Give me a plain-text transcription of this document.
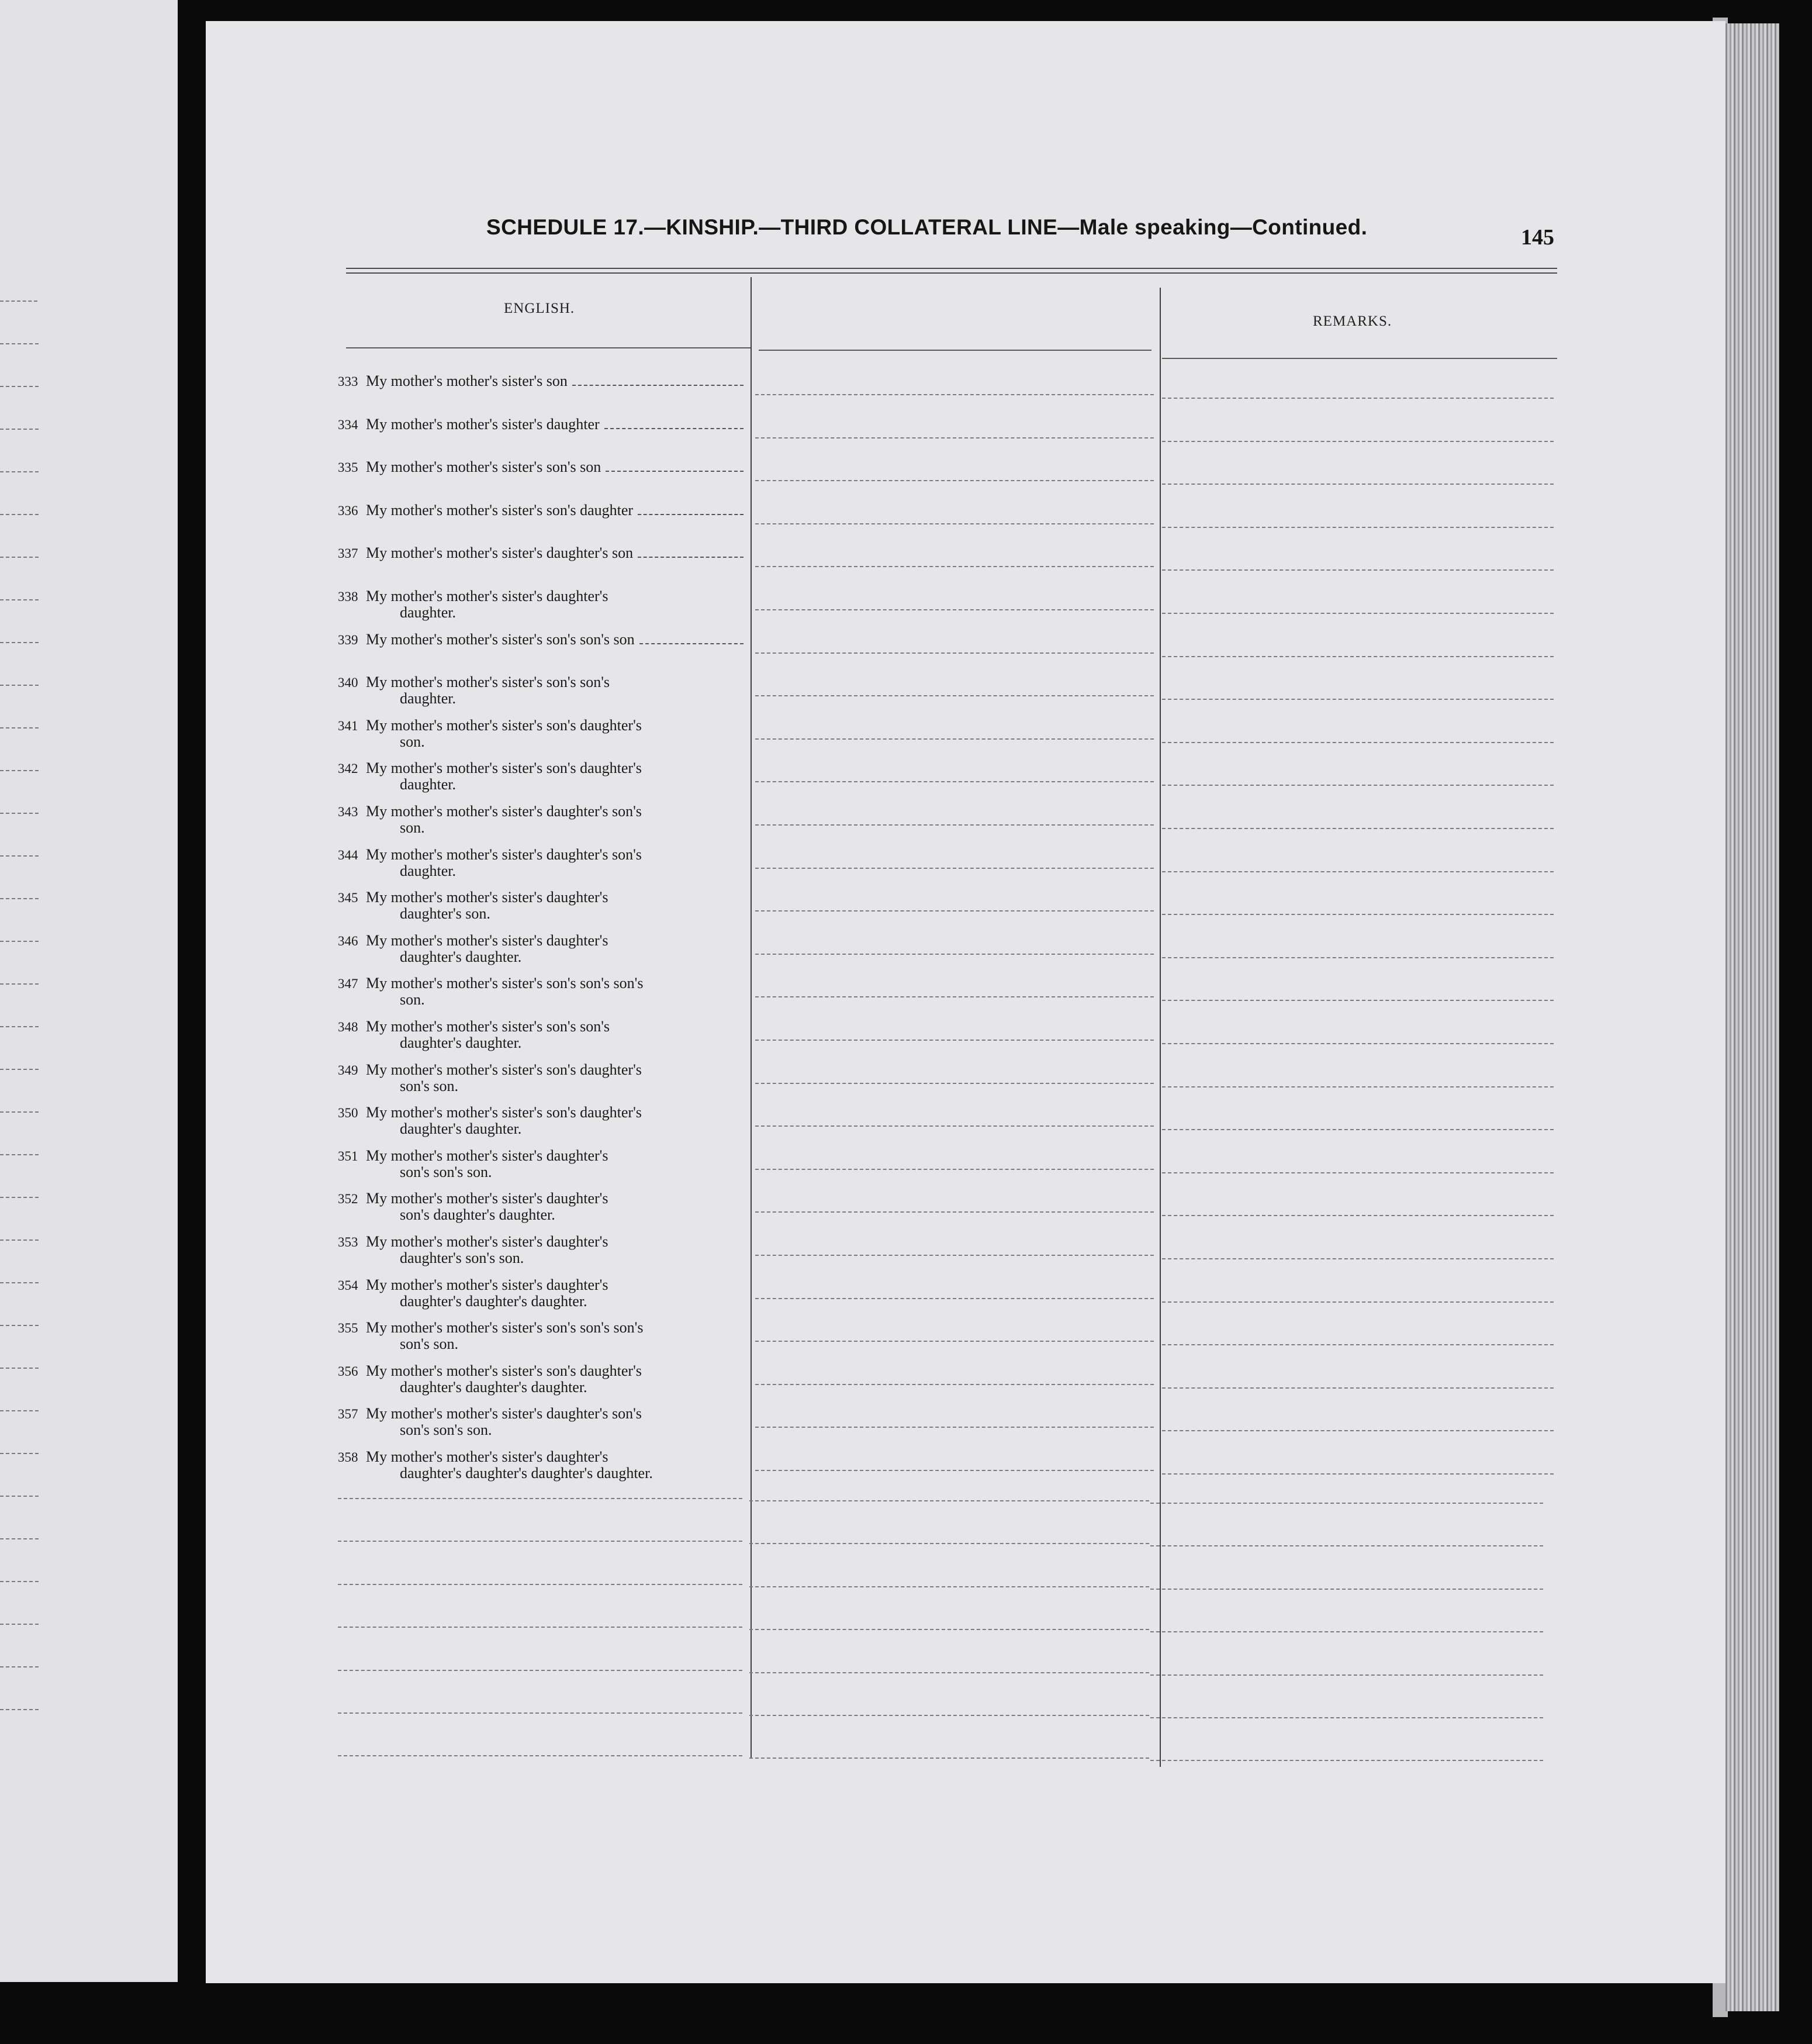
SCHEDULE 17.—KINSHIP.—THIRD COLLATERAL LINE—Male speaking—Continued.	145
ENGLISH.
REMARKS.
333 My mother's mother's sister's son
334 My mother's mother's sister's daughter
335 My mother's mother's sister's son's son
336 My mother's mother's sister's son's daughter
337 My mother's mother's sister's daughter's son
338 My mother's mother's sister's daughter's
daughter.
339 My mother's mother's sister's son's son's son
340 My mother's mother's sister's son's son's
daughter.
341 My mother's mother's sister's son's daughter's
son.
342 My mother's mother's sister's son's daughter's
daughter.
343 My mother's mother's sister's daughter's son's
son.
344 My mother's mother's sister's daughter's son's
daughter.
345 My mother's mother's sister's daughter's
daughter's son.
346 My mother's mother's sister's daughter's
daughter's daughter.
347 My mother's mother's sister's son's son's son's
son.
348 My mother's mother's sister's son's son's
daughter's daughter.
349 My mother's mother's sister's son's daughter's
son's son.
350 My mother's mother's sister's son's daughter's
daughter's daughter.
351 My mother's mother's sister's daughter's
son's son's son.
352 My mother's mother's sister's daughter's
son's daughter's daughter.
353 My mother's mother's sister's daughter's
daughter's son's son.
354 My mother's mother's sister's daughter's
daughter's daughter's daughter.
355 My mother's mother's sister's son's son's son's
son's son.
356 My mother's mother's sister's son's daughter's
daughter's daughter's daughter.
357 My mother's mother's sister's daughter's son's
son's son's son.
358 My mother's mother's sister's daughter's
daughter's daughter's daughter's daughter.
